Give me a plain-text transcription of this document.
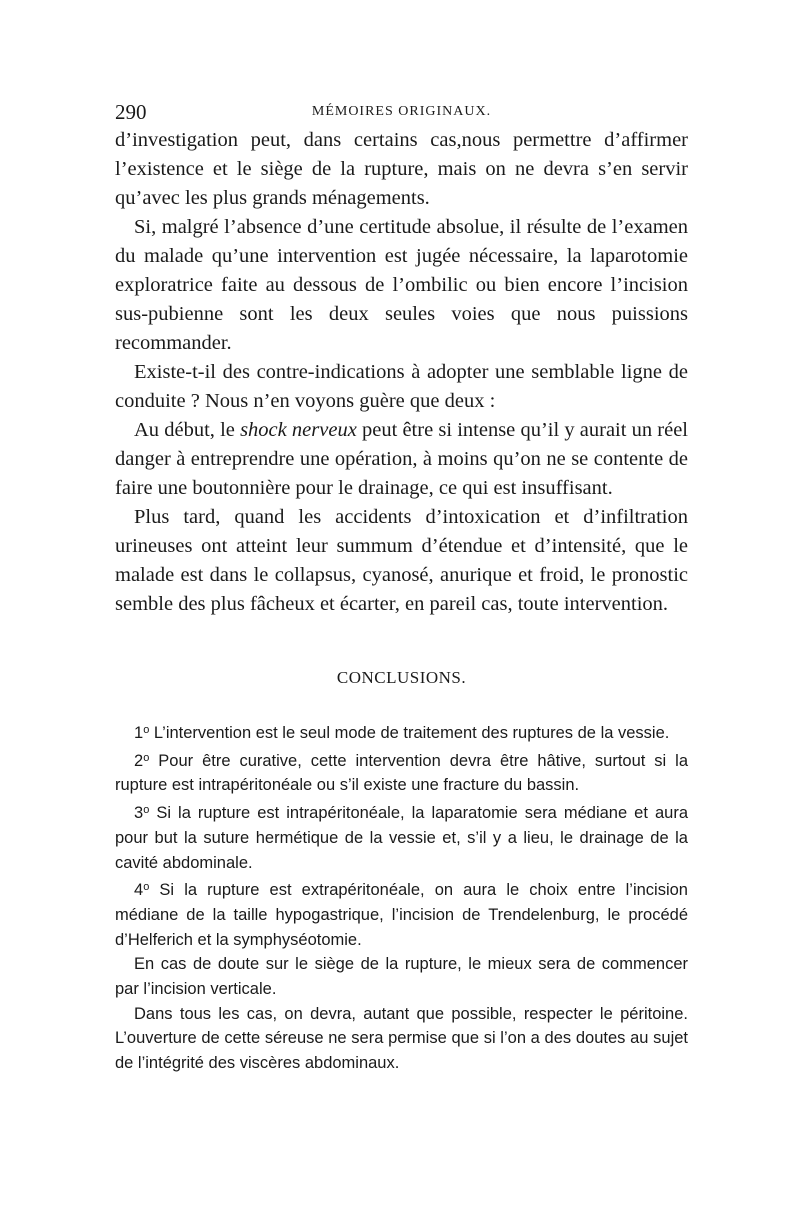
290	MÉMOIRES ORIGINAUX.

d’investigation peut, dans certains cas,nous permettre d’affirmer l’existence et le siège de la rupture, mais on ne devra s’en servir qu’avec les plus grands ménagements.

Si, malgré l’absence d’une certitude absolue, il résulte de l’examen du malade qu’une intervention est jugée nécessaire, la laparotomie exploratrice faite au dessous de l’ombilic ou bien encore l’incision sus-pubienne sont les deux seules voies que nous puissions recommander.

Existe-t-il des contre-indications à adopter une semblable ligne de conduite ? Nous n’en voyons guère que deux :

Au début, le shock nerveux peut être si intense qu’il y aurait un réel danger à entreprendre une opération, à moins qu’on ne se contente de faire une boutonnière pour le drainage, ce qui est insuffisant.

Plus tard, quand les accidents d’intoxication et d’infiltration urineuses ont atteint leur summum d’étendue et d’intensité, que le malade est dans le collapsus, cyanosé, anurique et froid, le pronostic semble des plus fâcheux et écarter, en pareil cas, toute intervention.

CONCLUSIONS.

1$^o$ L’intervention est le seul mode de traitement des ruptures de la vessie.

2$^o$ Pour être curative, cette intervention devra être hâtive, surtout si la rupture est intrapéritonéale ou s’il existe une fracture du bassin.

3$^o$ Si la rupture est intrapéritonéale, la laparatomie sera médiane et aura pour but la suture hermétique de la vessie et, s’il y a lieu, le drainage de la cavité abdominale.

4$^o$ Si la rupture est extrapéritonéale, on aura le choix entre l’incision médiane de la taille hypogastrique, l’incision de Trendelenburg, le procédé d’Helferich et la symphyséotomie.

En cas de doute sur le siège de la rupture, le mieux sera de commencer par l’incision verticale.

Dans tous les cas, on devra, autant que possible, respecter le péritoine. L’ouverture de cette séreuse ne sera permise que si l’on a des doutes au sujet de l’intégrité des viscères abdominaux.
